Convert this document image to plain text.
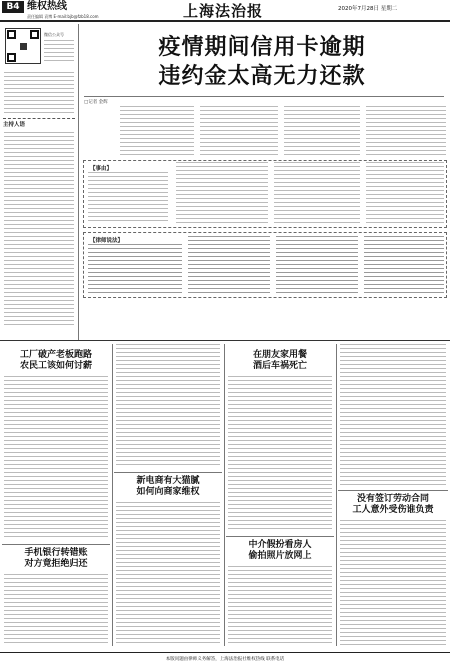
B4 维权热线
责任编辑 袁博 E-mail:bjb@fzb18.com	上海法治报	2020年7月28日 星期二
微信公众号
主持人语
疫情期间信用卡逾期
违约金太高无力还款
□记者 金辉
【事由】
【律师说法】
工厂破产老板跑路
农民工该如何讨薪
手机银行转错账
对方竟拒绝归还
新电商有大猫腻
如何向商家维权
在朋友家用餐
酒后车祸死亡
中介假扮看房人
偷拍照片放网上
没有签订劳动合同
工人意外受伤谁负责
本版问题由律师义务解答，上海法治报社维权热线 联系电话
